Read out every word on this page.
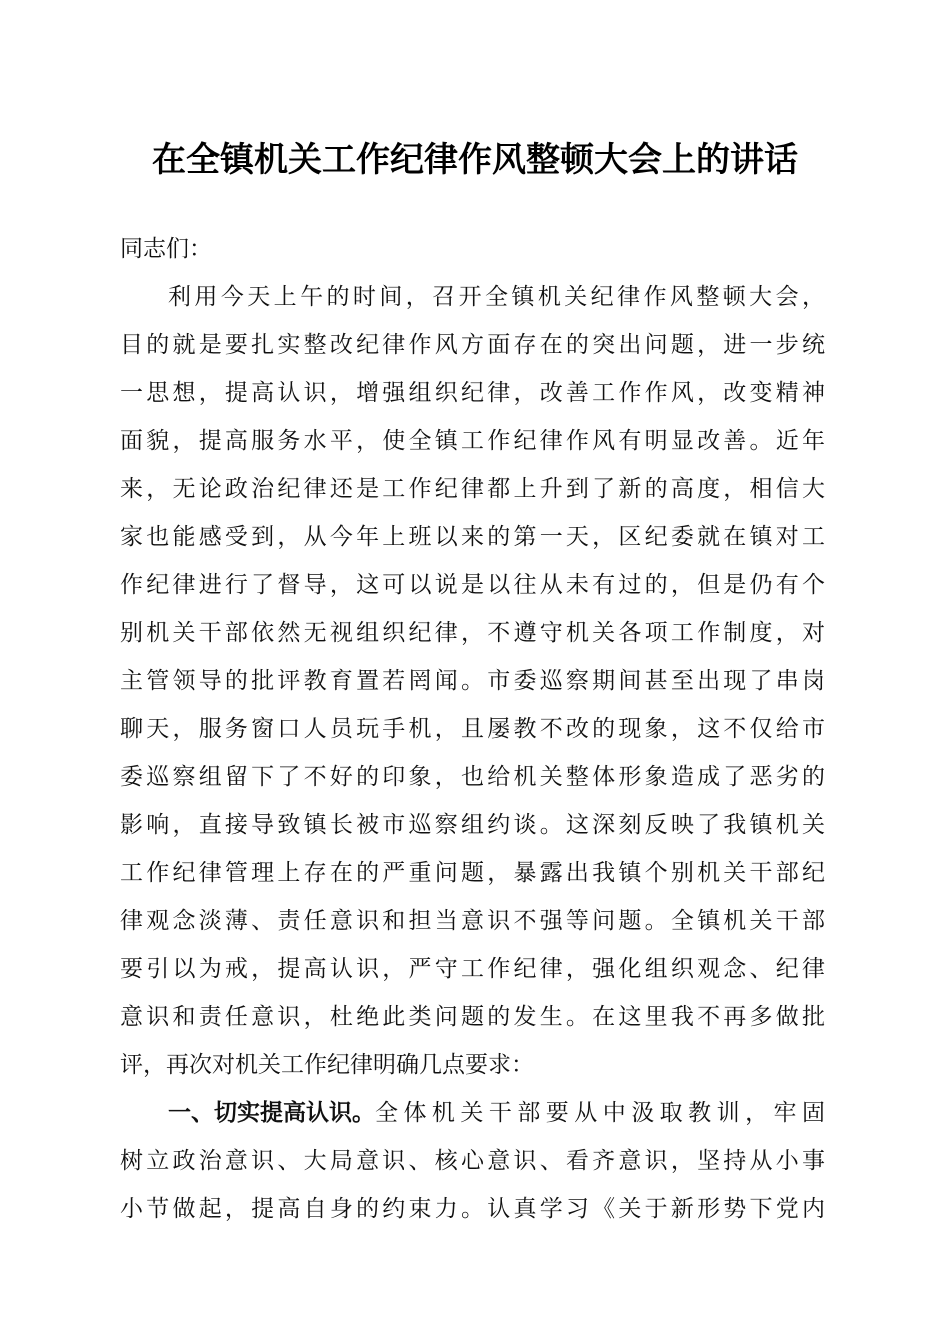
在全镇机关工作纪律作风整顿大会上的讲话
同志们：
利用今天上午的时间，召开全镇机关纪律作风整顿大会，
目的就是要扎实整改纪律作风方面存在的突出问题，进一步统
一思想，提高认识，增强组织纪律，改善工作作风，改变精神
面貌，提高服务水平，使全镇工作纪律作风有明显改善。近年
来，无论政治纪律还是工作纪律都上升到了新的高度，相信大
家也能感受到，从今年上班以来的第一天，区纪委就在镇对工
作纪律进行了督导，这可以说是以往从未有过的，但是仍有个
别机关干部依然无视组织纪律，不遵守机关各项工作制度，对
主管领导的批评教育置若罔闻。市委巡察期间甚至出现了串岗
聊天，服务窗口人员玩手机，且屡教不改的现象，这不仅给市
委巡察组留下了不好的印象，也给机关整体形象造成了恶劣的
影响，直接导致镇长被市巡察组约谈。这深刻反映了我镇机关
工作纪律管理上存在的严重问题，暴露出我镇个别机关干部纪
律观念淡薄、责任意识和担当意识不强等问题。全镇机关干部
要引以为戒，提高认识，严守工作纪律，强化组织观念、纪律
意识和责任意识，杜绝此类问题的发生。在这里我不再多做批
评，再次对机关工作纪律明确几点要求：
一、切实提高认识。 全体机关干部要从中汲取教训，牢固
树立政治意识、大局意识、核心意识、看齐意识，坚持从小事
小节做起，提高自身的约束力。认真学习《关于新形势下党内
